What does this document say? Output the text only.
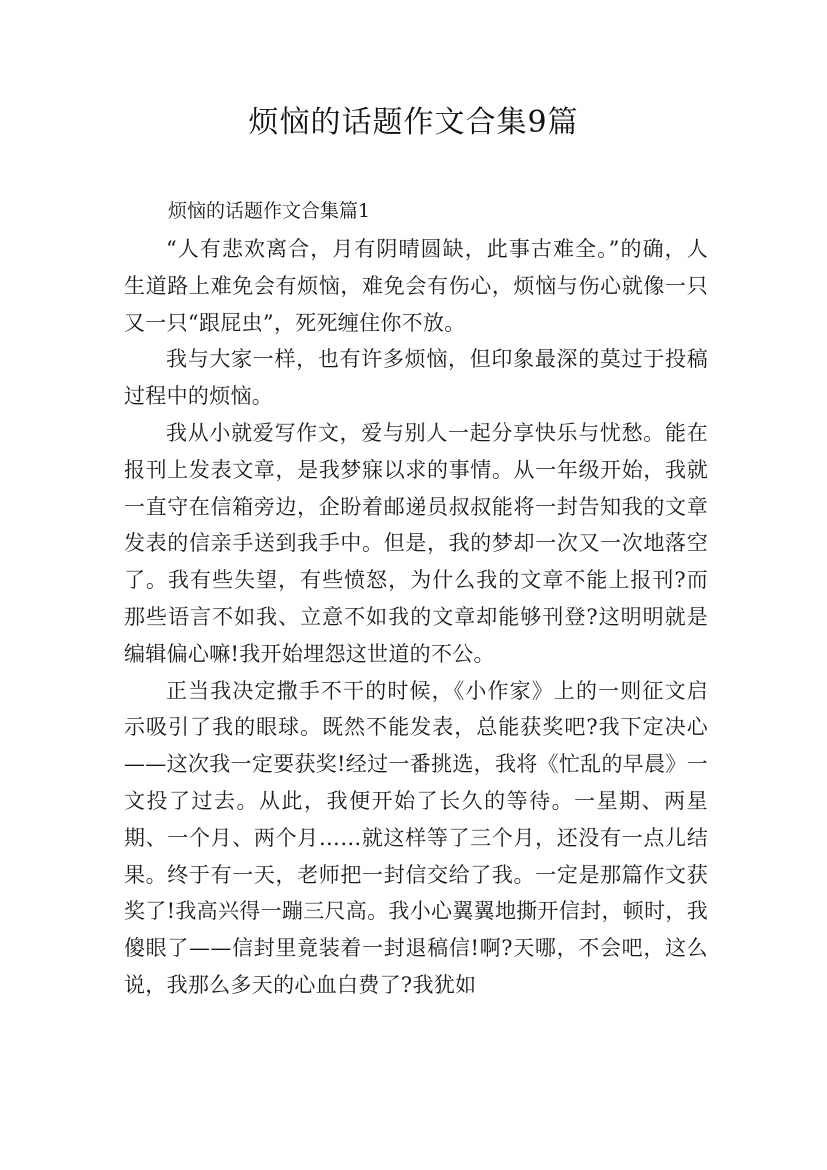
烦恼的话题作文合集9篇

烦恼的话题作文合集篇1

“人有悲欢离合，月有阴晴圆缺，此事古难全。”的确，人生道路上难免会有烦恼，难免会有伤心，烦恼与伤心就像一只又一只“跟屁虫”，死死缠住你不放。

我与大家一样，也有许多烦恼，但印象最深的莫过于投稿过程中的烦恼。

我从小就爱写作文，爱与别人一起分享快乐与忧愁。能在报刊上发表文章，是我梦寐以求的事情。从一年级开始，我就一直守在信箱旁边，企盼着邮递员叔叔能将一封告知我的文章发表的信亲手送到我手中。但是，我的梦却一次又一次地落空了。我有些失望，有些愤怒，为什么我的文章不能上报刊?而那些语言不如我、立意不如我的文章却能够刊登?这明明就是编辑偏心嘛!我开始埋怨这世道的不公。

正当我决定撒手不干的时候，《小作家》上的一则征文启示吸引了我的眼球。既然不能发表，总能获奖吧?我下定决心——这次我一定要获奖!经过一番挑选，我将《忙乱的早晨》一文投了过去。从此，我便开始了长久的等待。一星期、两星期、一个月、两个月……就这样等了三个月，还没有一点儿结果。终于有一天，老师把一封信交给了我。一定是那篇作文获奖了!我高兴得一蹦三尺高。我小心翼翼地撕开信封，顿时，我傻眼了——信封里竟装着一封退稿信!啊?天哪，不会吧，这么说，我那么多天的心血白费了?我犹如
